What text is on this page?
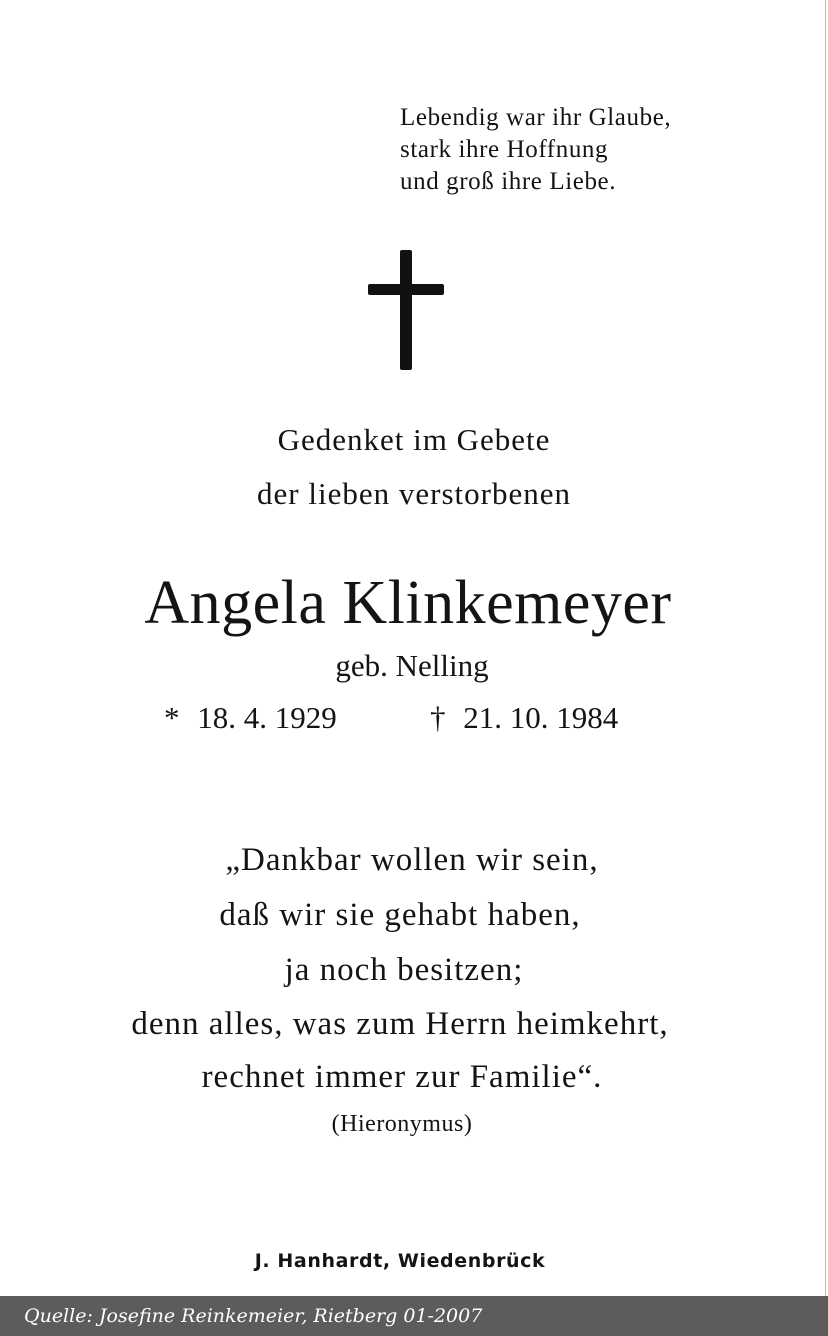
Lebendig war ihr Glaube,
stark ihre Hoffnung
und groß ihre Liebe.
Gedenket im Gebete
der lieben verstorbenen
Angela Klinkemeyer
geb. Nelling
* 18. 4. 1929	† 21. 10. 1984
„Dankbar wollen wir sein,
daß wir sie gehabt haben,
ja noch besitzen;
denn alles, was zum Herrn heimkehrt,
rechnet immer zur Familie“.
(Hieronymus)
J. Hanhardt, Wiedenbrück
Quelle: Josefine Reinkemeier, Rietberg 01-2007
